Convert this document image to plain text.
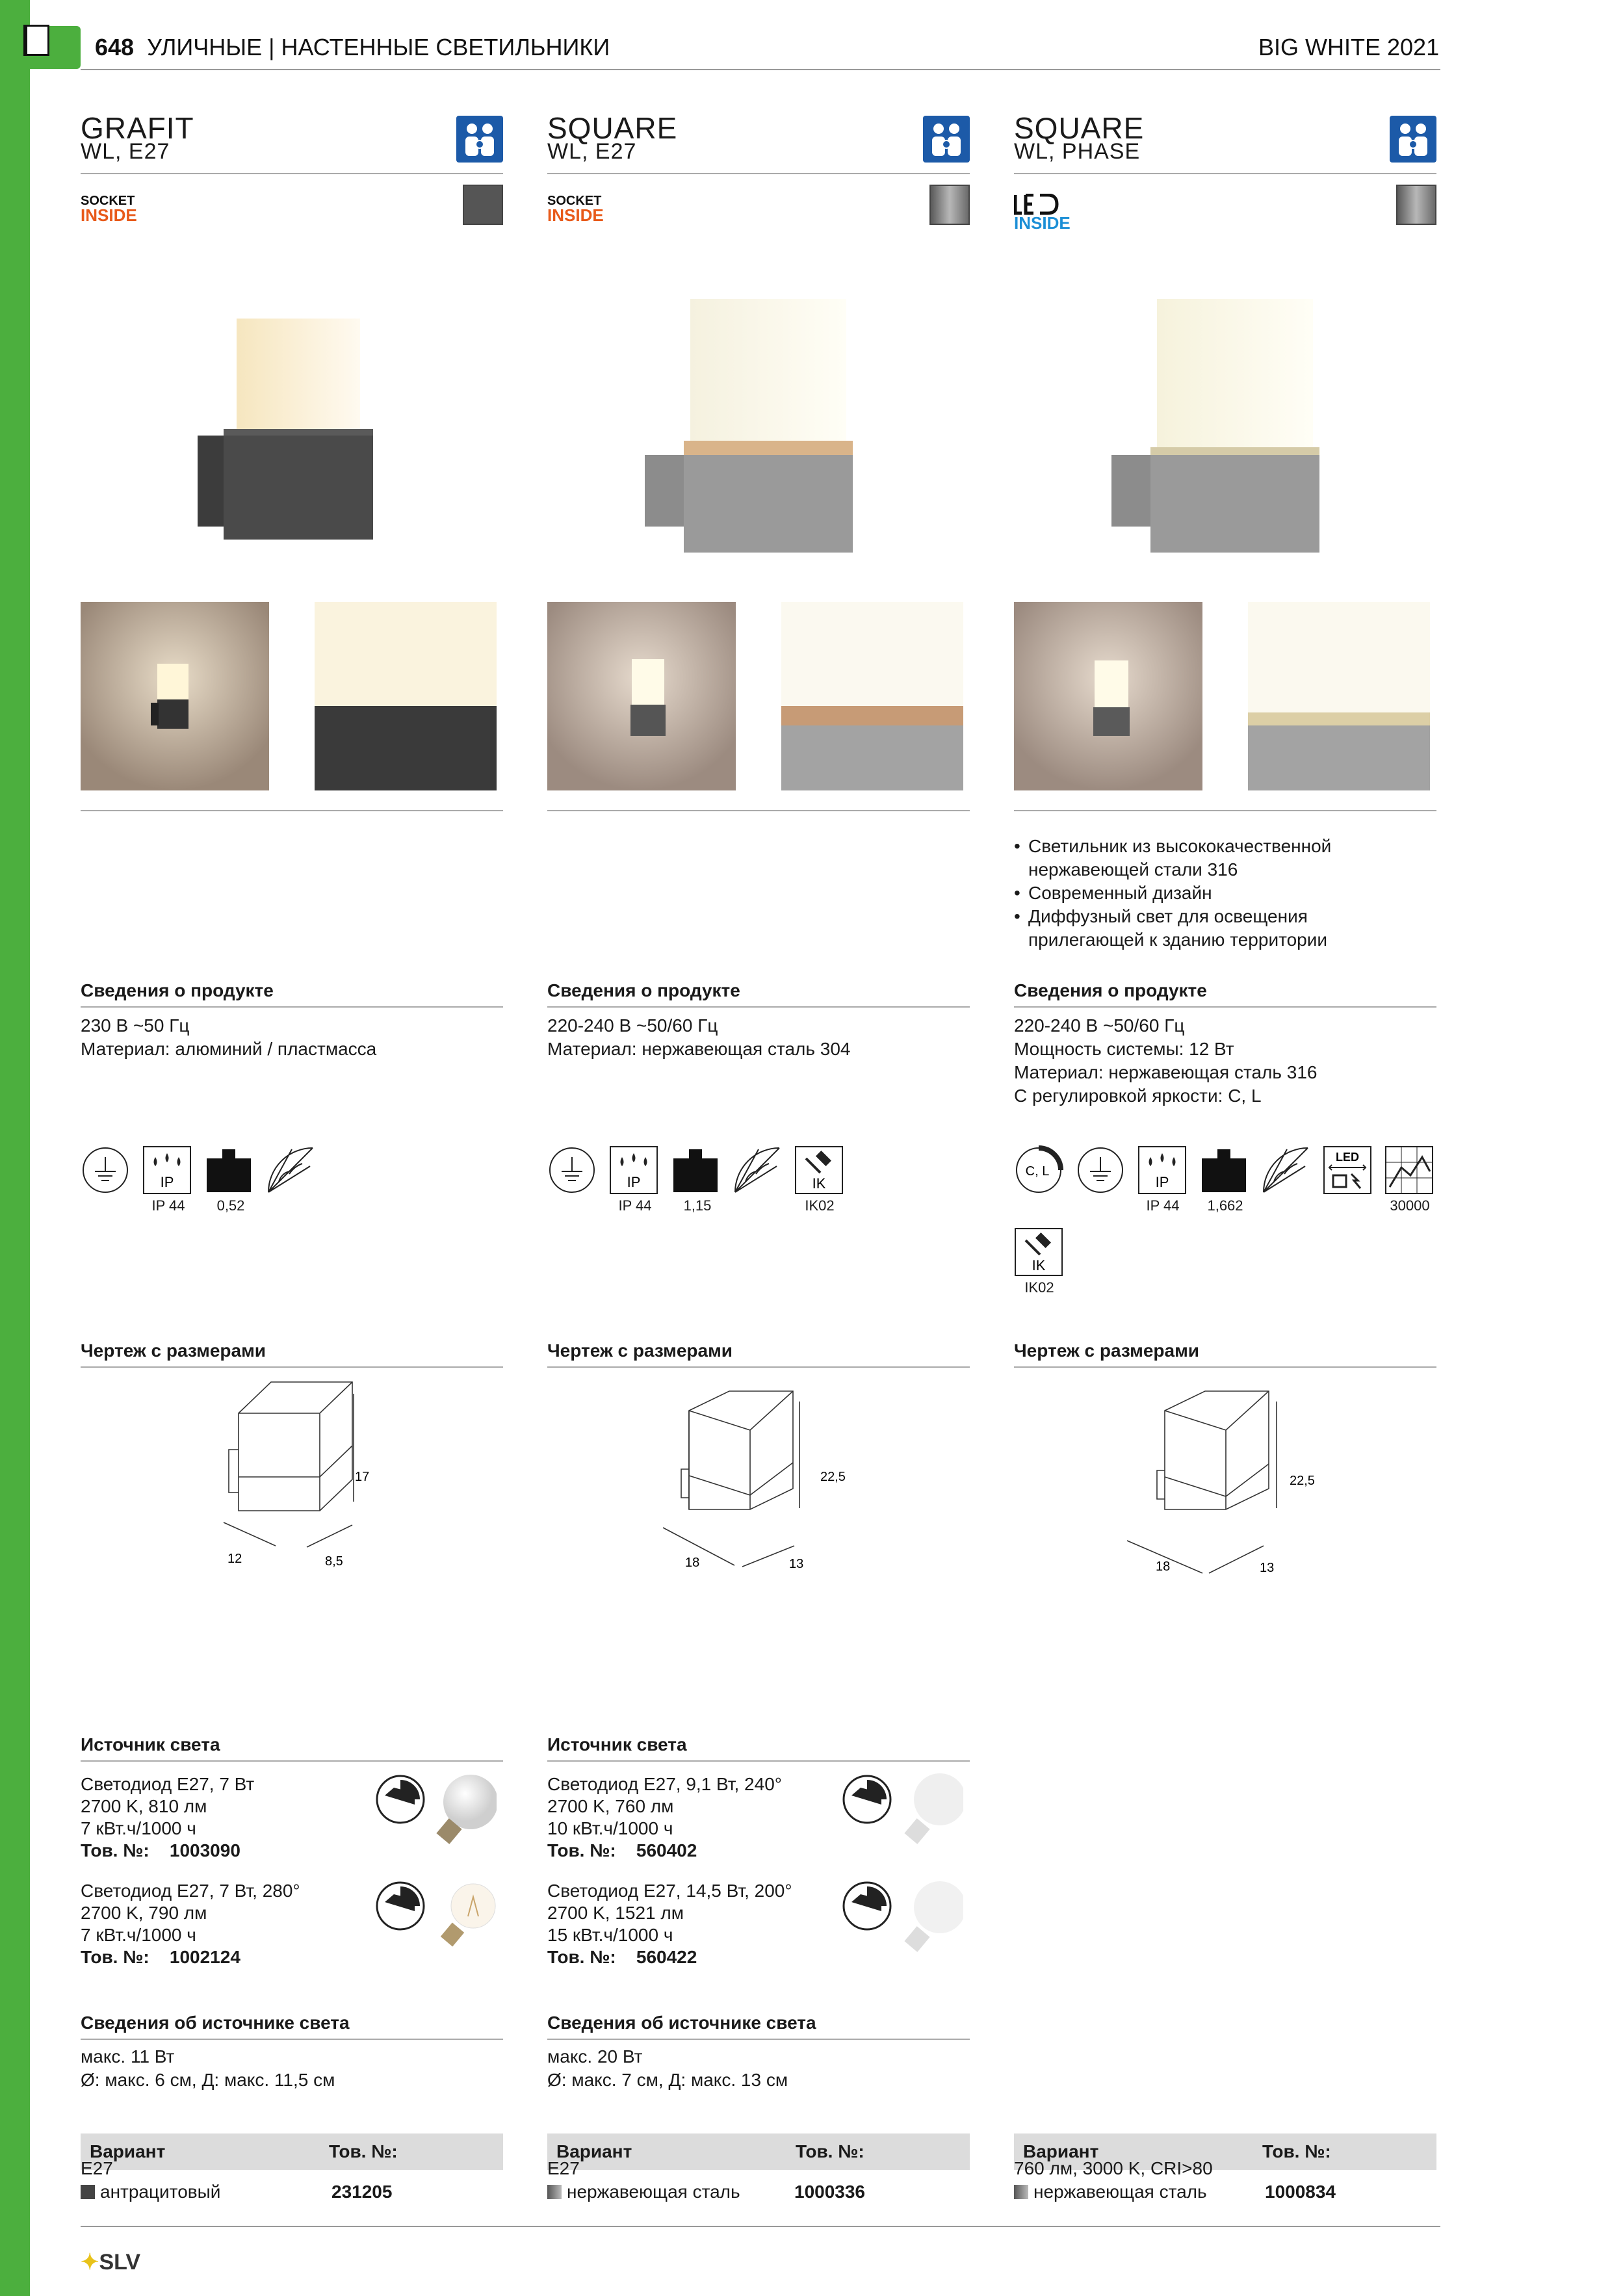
648 УЛИЧНЫЕ | НАСТЕННЫЕ СВЕТИЛЬНИКИ	BIG WHITE 2021
GRAFIT
WL, E27
SOCKET
INSIDE
Сведения о продукте
230 В ~50 Гц
Материал: алюминий / пластмасса
IP
IP 44	0,52
Чертеж с размерами
17
12	8,5
Источник света
Светодиод E27, 7 Вт
2700 K, 810 лм
7 кВт.ч/1000 ч
Тов. №: 1003090
Светодиод E27, 7 Вт, 280°
2700 K, 790 лм
7 кВт.ч/1000 ч
Тов. №: 1002124
Сведения об источнике света
макс. 11 Вт
Ø: макс. 6 см, Д: макс. 11,5 см
Вариант	Тов. №:
E27
антрацитовый	231205
SQUARE
WL, E27
SOCKET
INSIDE
Сведения о продукте
220-240 В ~50/60 Гц
Материал: нержавеющая сталь 304
IP	IK
IP 44	1,15	IK02
Чертеж с размерами
22,5
18	13
Источник света
Светодиод E27, 9,1 Вт, 240°
2700 K, 760 лм
10 кВт.ч/1000 ч
Тов. №: 560402
Светодиод E27, 14,5 Вт, 200°
2700 K, 1521 лм
15 кВт.ч/1000 ч
Тов. №: 560422
Сведения об источнике света
макс. 20 Вт
Ø: макс. 7 см, Д: макс. 13 см
Вариант	Тов. №:
E27
нержавеющая сталь	1000336
SQUARE
WL, PHASE
INSIDE
• Светильник из высококачественной
нержавеющей стали 316
• Современный дизайн
• Диффузный свет для освещения
прилегающей к зданию территории
Сведения о продукте
220-240 В ~50/60 Гц
Мощность системы: 12 Вт
Материал: нержавеющая сталь 316
С регулировкой яркости: C, L
C, L
IP
LED
IP 44	1,662	30000
IK
IK02
Чертеж с размерами
22,5
18	13
Вариант	Тов. №:
760 лм, 3000 K, CRI>80
нержавеющая сталь	1000834
✦SLV
